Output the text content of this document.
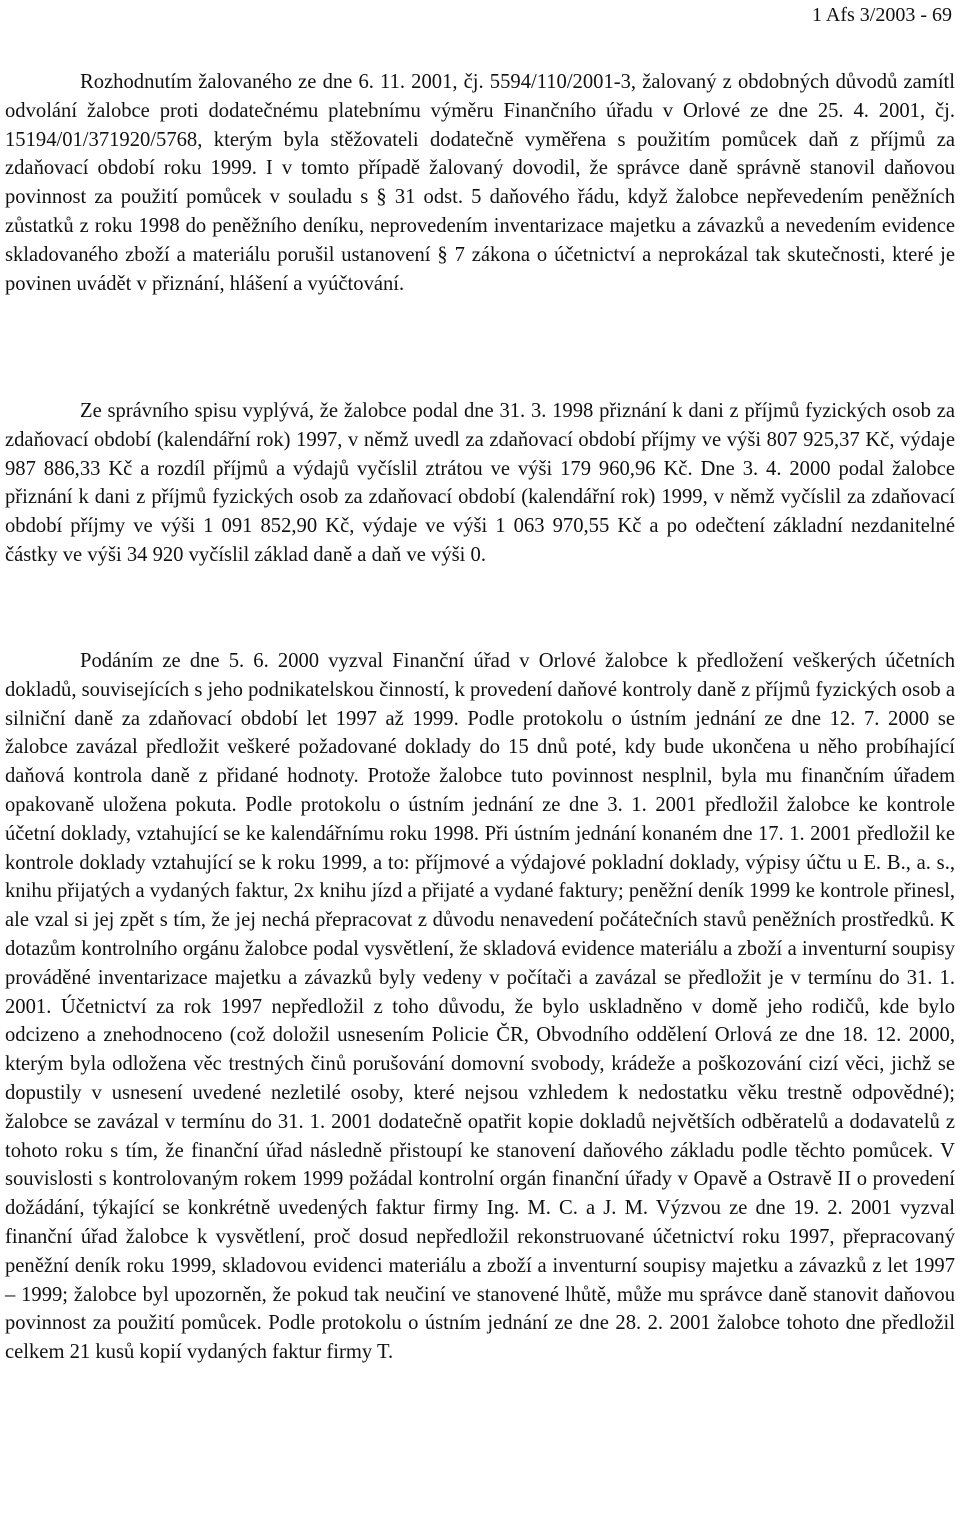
1 Afs 3/2003 - 69

Rozhodnutím žalovaného ze dne 6. 11. 2001, čj. 5594/110/2001-3, žalovaný z obdobných důvodů zamítl odvolání žalobce proti dodatečnému platebnímu výměru Finančního úřadu v Orlové ze dne 25. 4. 2001, čj. 15194/01/371920/5768, kterým byla stěžovateli dodatečně vyměřena s použitím pomůcek daň z příjmů za zdaňovací období roku 1999. I v tomto případě žalovaný dovodil, že správce daně správně stanovil daňovou povinnost za použití pomůcek v souladu s § 31 odst. 5 daňového řádu, když žalobce nepřevedením peněžních zůstatků z roku 1998 do peněžního deníku, neprovedením inventarizace majetku a závazků a nevedením evidence skladovaného zboží a materiálu porušil ustanovení § 7 zákona o účetnictví a neprokázal tak skutečnosti, které je povinen uvádět v přiznání, hlášení a vyúčtování.

Ze správního spisu vyplývá, že žalobce podal dne 31. 3. 1998 přiznání k dani z příjmů fyzických osob za zdaňovací období (kalendářní rok) 1997, v němž uvedl za zdaňovací období příjmy ve výši 807 925,37 Kč, výdaje 987 886,33 Kč a rozdíl příjmů a výdajů vyčíslil ztrátou ve výši 179 960,96 Kč. Dne 3. 4. 2000 podal žalobce přiznání k dani z příjmů fyzických osob za zdaňovací období (kalendářní rok) 1999, v němž vyčíslil za zdaňovací období příjmy ve výši 1 091 852,90 Kč, výdaje ve výši 1 063 970,55 Kč a po odečtení základní nezdanitelné částky ve výši 34 920 vyčíslil základ daně a daň ve výši 0.

Podáním ze dne 5. 6. 2000 vyzval Finanční úřad v Orlové žalobce k předložení veškerých účetních dokladů, souvisejících s jeho podnikatelskou činností, k provedení daňové kontroly daně z příjmů fyzických osob a silniční daně za zdaňovací období let 1997 až 1999. Podle protokolu o ústním jednání ze dne 12. 7. 2000 se žalobce zavázal předložit veškeré požadované doklady do 15 dnů poté, kdy bude ukončena u něho probíhající daňová kontrola daně z přidané hodnoty. Protože žalobce tuto povinnost nesplnil, byla mu finančním úřadem opakovaně uložena pokuta. Podle protokolu o ústním jednání ze dne 3. 1. 2001 předložil žalobce ke kontrole účetní doklady, vztahující se ke kalendářnímu roku 1998. Při ústním jednání konaném dne 17. 1. 2001 předložil ke kontrole doklady vztahující se k roku 1999, a to: příjmové a výdajové pokladní doklady, výpisy účtu u E. B., a. s., knihu přijatých a vydaných faktur, 2x knihu jízd a přijaté a vydané faktury; peněžní deník 1999 ke kontrole přinesl, ale vzal si jej zpět s tím, že jej nechá přepracovat z důvodu nenavedení počátečních stavů peněžních prostředků. K dotazům kontrolního orgánu žalobce podal vysvětlení, že skladová evidence materiálu a zboží a inventurní soupisy prováděné inventarizace majetku a závazků byly vedeny v počítači a zavázal se předložit je v termínu do 31. 1. 2001. Účetnictví za rok 1997 nepředložil z toho důvodu, že bylo uskladněno v domě jeho rodičů, kde bylo odcizeno a znehodnoceno (což doložil usnesením Policie ČR, Obvodního oddělení Orlová ze dne 18. 12. 2000, kterým byla odložena věc trestných činů porušování domovní svobody, krádeže a poškozování cizí věci, jichž se dopustily v usnesení uvedené nezletilé osoby, které nejsou vzhledem k nedostatku věku trestně odpovědné); žalobce se zavázal v termínu do 31. 1. 2001 dodatečně opatřit kopie dokladů největších odběratelů a dodavatelů z tohoto roku s tím, že finanční úřad následně přistoupí ke stanovení daňového základu podle těchto pomůcek. V souvislosti s kontrolovaným rokem 1999 požádal kontrolní orgán finanční úřady v Opavě a Ostravě II o provedení dožádání, týkající se konkrétně uvedených faktur firmy Ing. M. C. a J. M. Výzvou ze dne 19. 2. 2001 vyzval finanční úřad žalobce k vysvětlení, proč dosud nepředložil rekonstruované účetnictví roku 1997, přepracovaný peněžní deník roku 1999, skladovou evidenci materiálu a zboží a inventurní soupisy majetku a závazků z let 1997 – 1999; žalobce byl upozorněn, že pokud tak neučiní ve stanovené lhůtě, může mu správce daně stanovit daňovou povinnost za použití pomůcek. Podle protokolu o ústním jednání ze dne 28. 2. 2001 žalobce tohoto dne předložil celkem 21 kusů kopií vydaných faktur firmy T.
